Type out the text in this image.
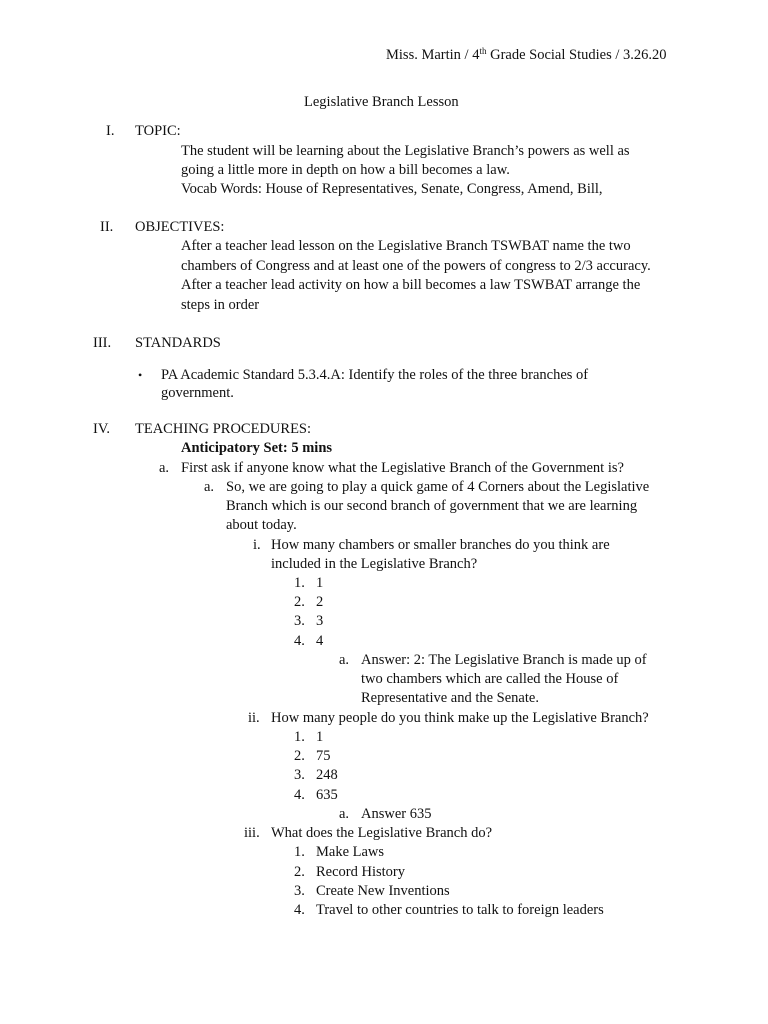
Miss. Martin / 4th Grade Social Studies / 3.26.20
Legislative Branch Lesson
I. TOPIC:
The student will be learning about the Legislative Branch’s powers as well as
going a little more in depth on how a bill becomes a law.
Vocab Words: House of Representatives, Senate, Congress, Amend, Bill,
II. OBJECTIVES:
After a teacher lead lesson on the Legislative Branch TSWBAT name the two
chambers of Congress and at least one of the powers of congress to 2/3 accuracy.
After a teacher lead activity on how a bill becomes a law TSWBAT arrange the
steps in order
III. STANDARDS
• PA Academic Standard 5.3.4.A: Identify the roles of the three branches of
government.
IV. TEACHING PROCEDURES:
Anticipatory Set: 5 mins
a. First ask if anyone know what the Legislative Branch of the Government is?
a. So, we are going to play a quick game of 4 Corners about the Legislative
Branch which is our second branch of government that we are learning
about today.
i. How many chambers or smaller branches do you think are
included in the Legislative Branch?
1. 1
2. 2
3. 3
4. 4
a. Answer: 2: The Legislative Branch is made up of
two chambers which are called the House of
Representative and the Senate.
ii. How many people do you think make up the Legislative Branch?
1. 1
2. 75
3. 248
4. 635
a. Answer 635
iii. What does the Legislative Branch do?
1. Make Laws
2. Record History
3. Create New Inventions
4. Travel to other countries to talk to foreign leaders
